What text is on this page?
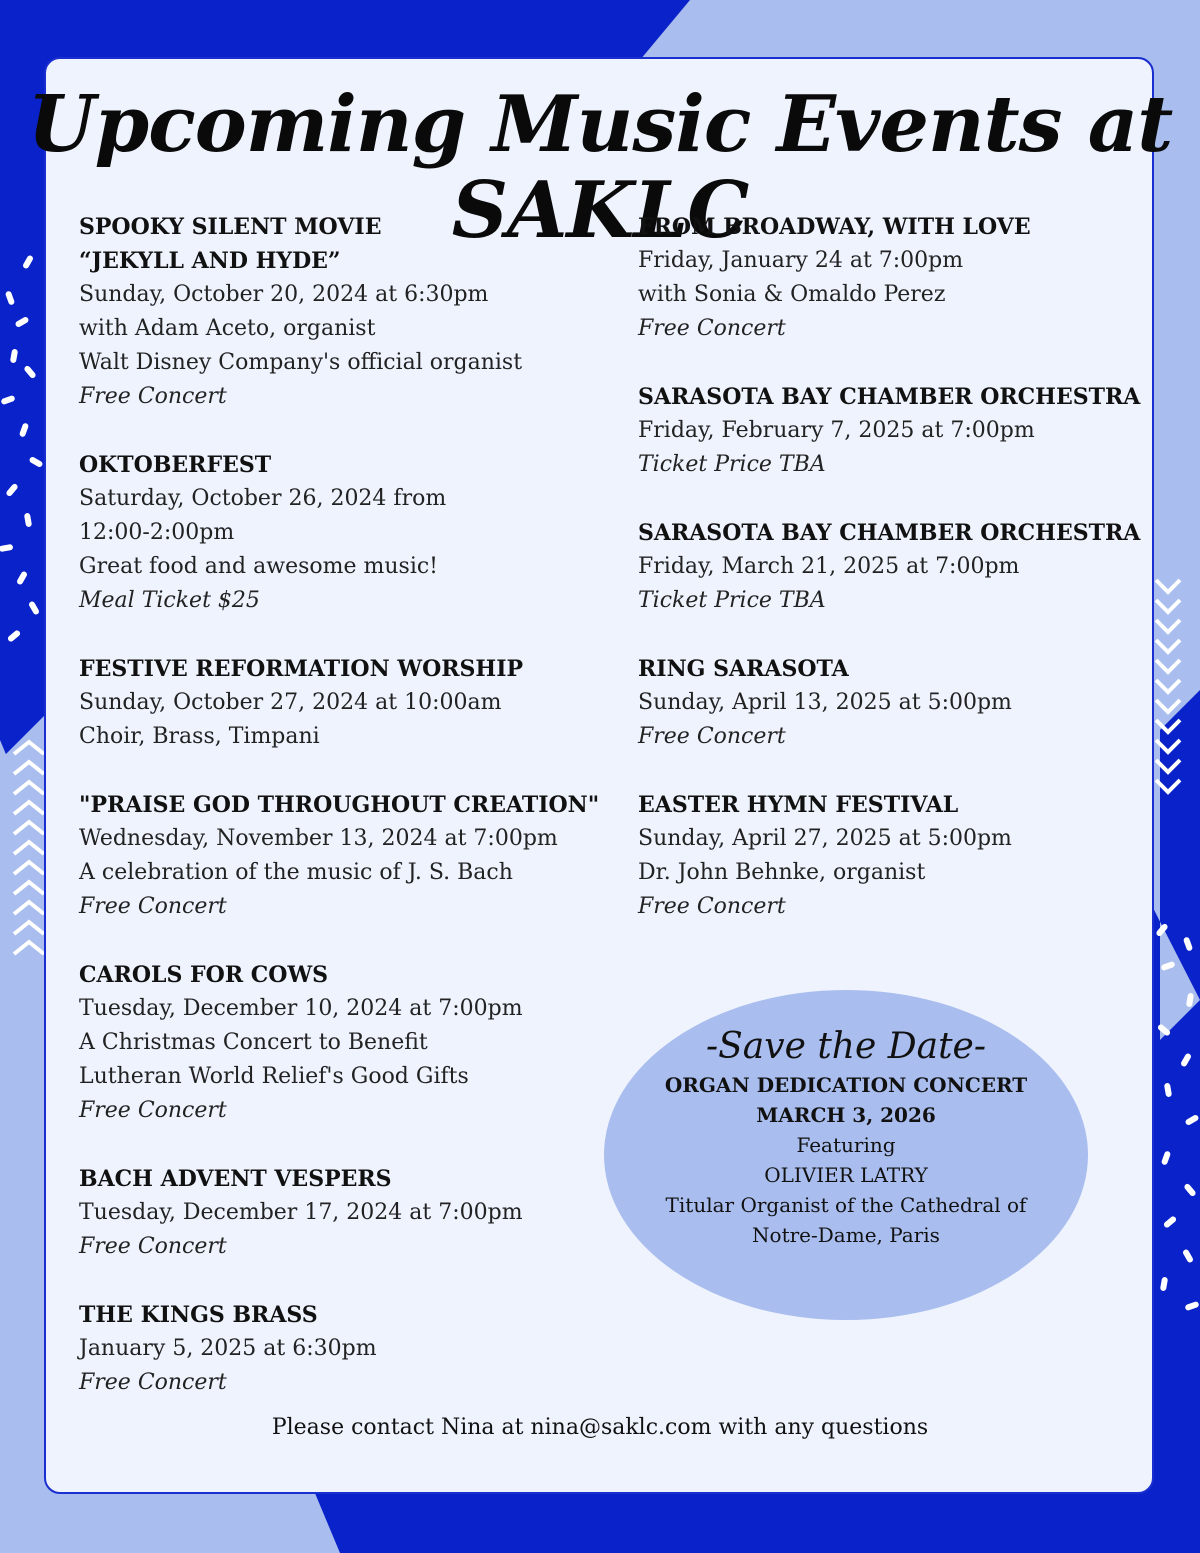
Upcoming Music Events at SAKLC
SPOOKY SILENT MOVIE
“JEKYLL AND HYDE”
Sunday, October 20, 2024 at 6:30pm
with Adam Aceto, organist
Walt Disney Company's official organist
Free Concert
OKTOBERFEST
Saturday, October 26, 2024 from
12:00-2:00pm
Great food and awesome music!
Meal Ticket $25
FESTIVE REFORMATION WORSHIP
Sunday, October 27, 2024 at 10:00am
Choir, Brass, Timpani
"PRAISE GOD THROUGHOUT CREATION"
Wednesday, November 13, 2024 at 7:00pm
A celebration of the music of J. S. Bach
Free Concert
CAROLS FOR COWS
Tuesday, December 10, 2024 at 7:00pm
A Christmas Concert to Benefit
Lutheran World Relief's Good Gifts
Free Concert
BACH ADVENT VESPERS
Tuesday, December 17, 2024 at 7:00pm
Free Concert
THE KINGS BRASS
January 5, 2025 at 6:30pm
Free Concert
FROM BROADWAY, WITH LOVE
Friday, January 24 at 7:00pm
with Sonia & Omaldo Perez
Free Concert
SARASOTA BAY CHAMBER ORCHESTRA
Friday, February 7, 2025 at 7:00pm
Ticket Price TBA
SARASOTA BAY CHAMBER ORCHESTRA
Friday, March 21, 2025 at 7:00pm
Ticket Price TBA
RING SARASOTA
Sunday, April 13, 2025 at 5:00pm
Free Concert
EASTER HYMN FESTIVAL
Sunday, April 27, 2025 at 5:00pm
Dr. John Behnke, organist
Free Concert
-Save the Date-
ORGAN DEDICATION CONCERT
MARCH 3, 2026
Featuring
OLIVIER LATRY
Titular Organist of the Cathedral of
Notre-Dame, Paris
Please contact Nina at nina@saklc.com with any questions
